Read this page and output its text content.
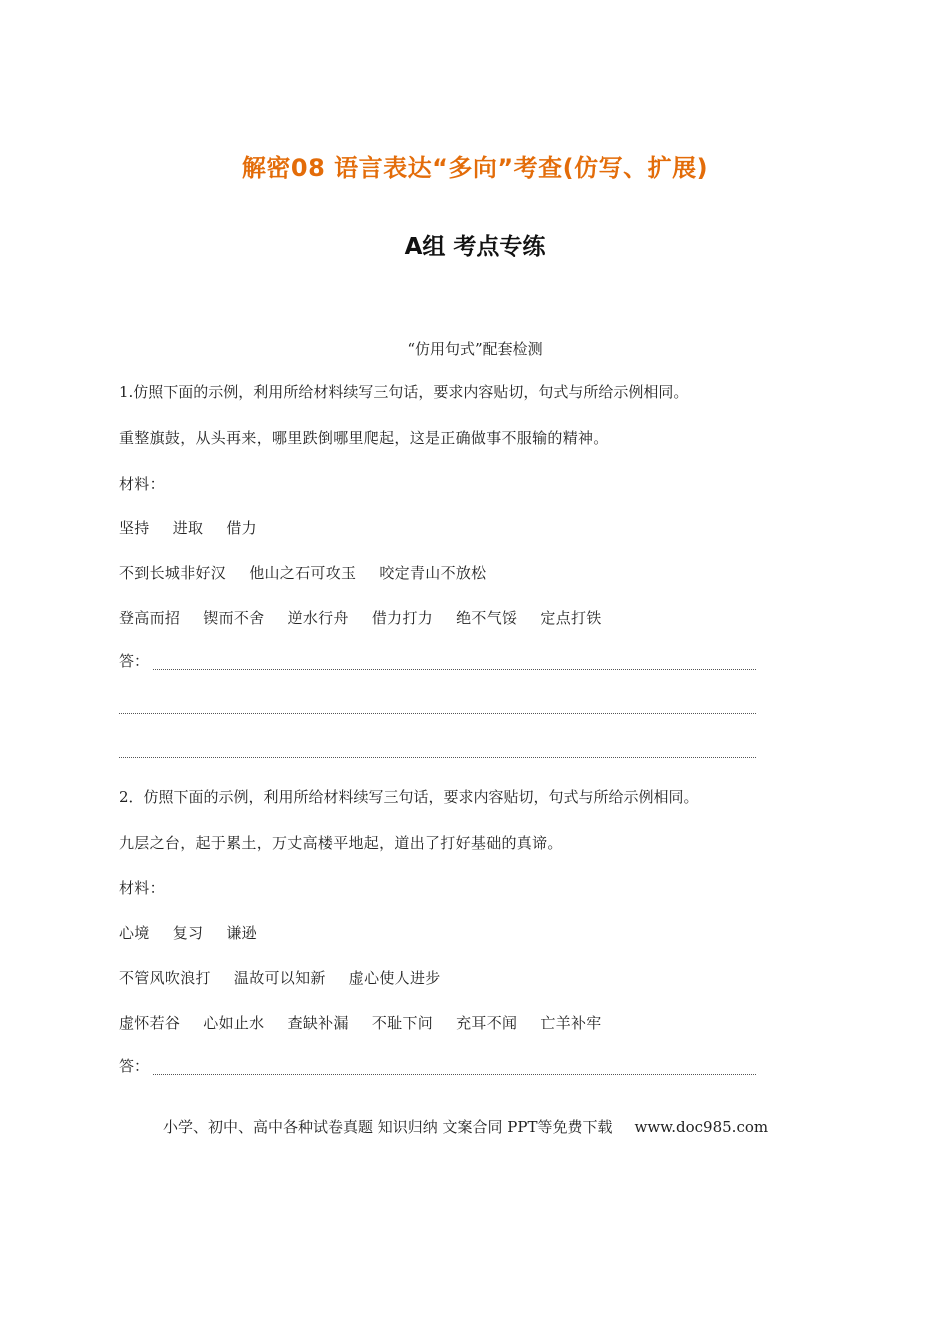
解密08 语言表达“多向”考查(仿写、扩展)
A组 考点专练
“仿用句式”配套检测
1.仿照下面的示例，利用所给材料续写三句话，要求内容贴切，句式与所给示例相同。
重整旗鼓，从头再来，哪里跌倒哪里爬起，这是正确做事不服输的精神。
材料：
坚持 进取 借力
不到长城非好汉 他山之石可攻玉 咬定青山不放松
登高而招 锲而不舍 逆水行舟 借力打力 绝不气馁 定点打铁
答：
2．仿照下面的示例，利用所给材料续写三句话，要求内容贴切，句式与所给示例相同。
九层之台，起于累土，万丈高楼平地起，道出了打好基础的真谛。
材料：
心境 复习 谦逊
不管风吹浪打 温故可以知新 虚心使人进步
虚怀若谷 心如止水 查缺补漏 不耻下问 充耳不闻 亡羊补牢
答：
小学、初中、高中各种试卷真题 知识归纳 文案合同 PPT等免费下载 www.doc985.com
